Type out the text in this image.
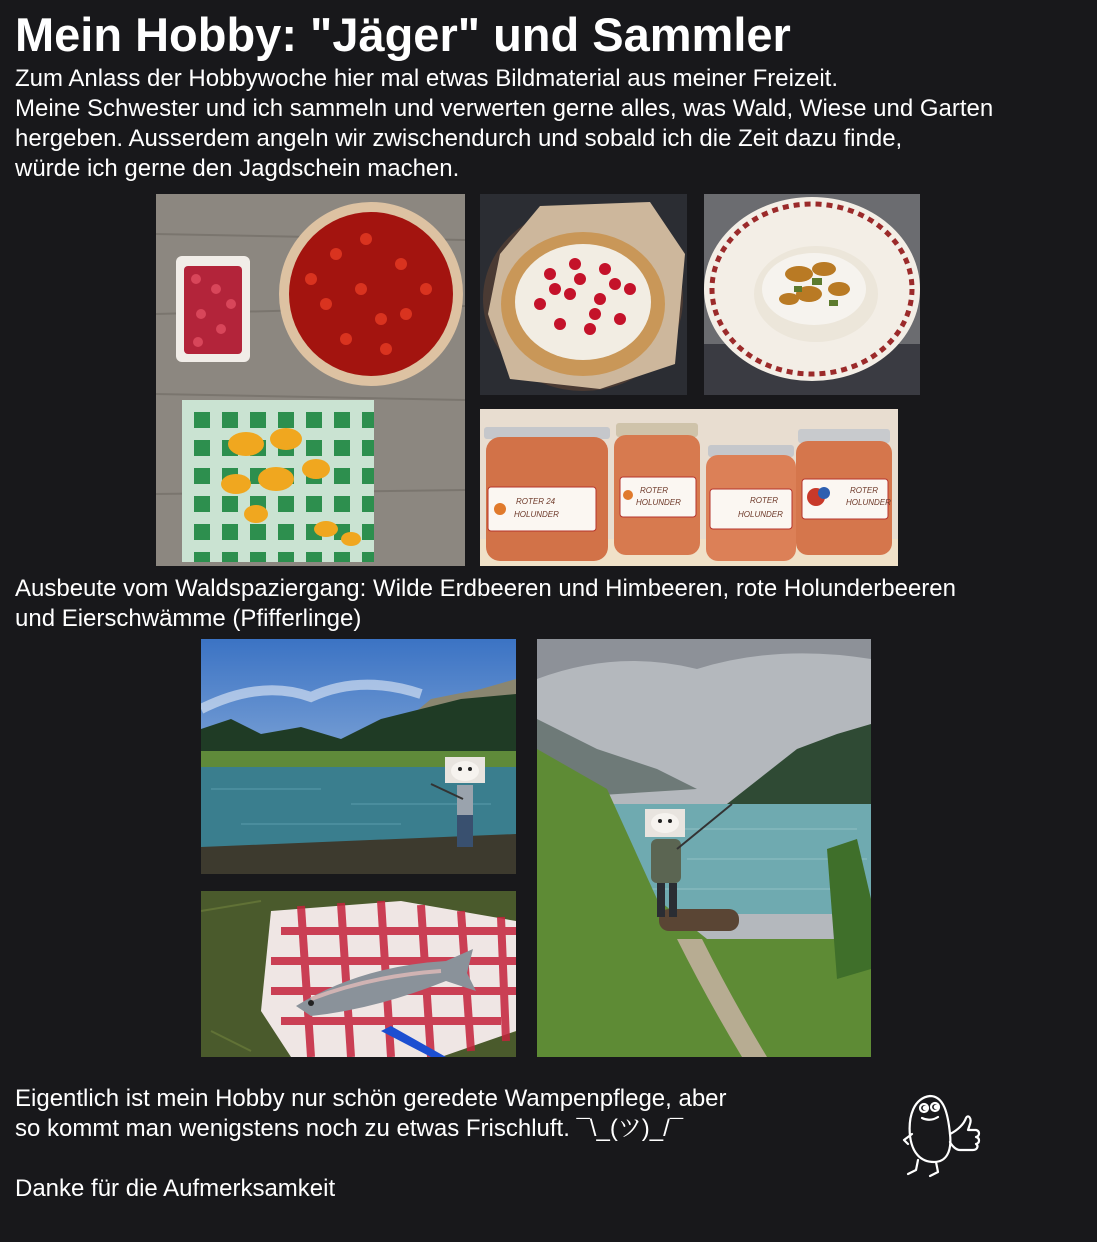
Mein Hobby: "Jäger" und Sammler
Zum Anlass der Hobbywoche hier mal etwas Bildmaterial aus meiner Freizeit.
Meine Schwester und ich sammeln und verwerten gerne alles, was Wald, Wiese und Garten
hergeben. Ausserdem angeln wir zwischendurch und sobald ich die Zeit dazu finde,
würde ich gerne den Jagdschein machen.
ROTER 24
HOLUNDER
ROTER
HOLUNDER	ROTER
HOLUNDER
ROTER
HOLUNDER
Ausbeute vom Waldspaziergang: Wilde Erdbeeren und Himbeeren, rote Holunderbeeren
und Eierschwämme (Pfifferlinge)
Eigentlich ist mein Hobby nur schön geredete Wampenpflege, aber
so kommt man wenigstens noch zu etwas Frischluft. ¯\_(ツ)_/¯
Danke für die Aufmerksamkeit
